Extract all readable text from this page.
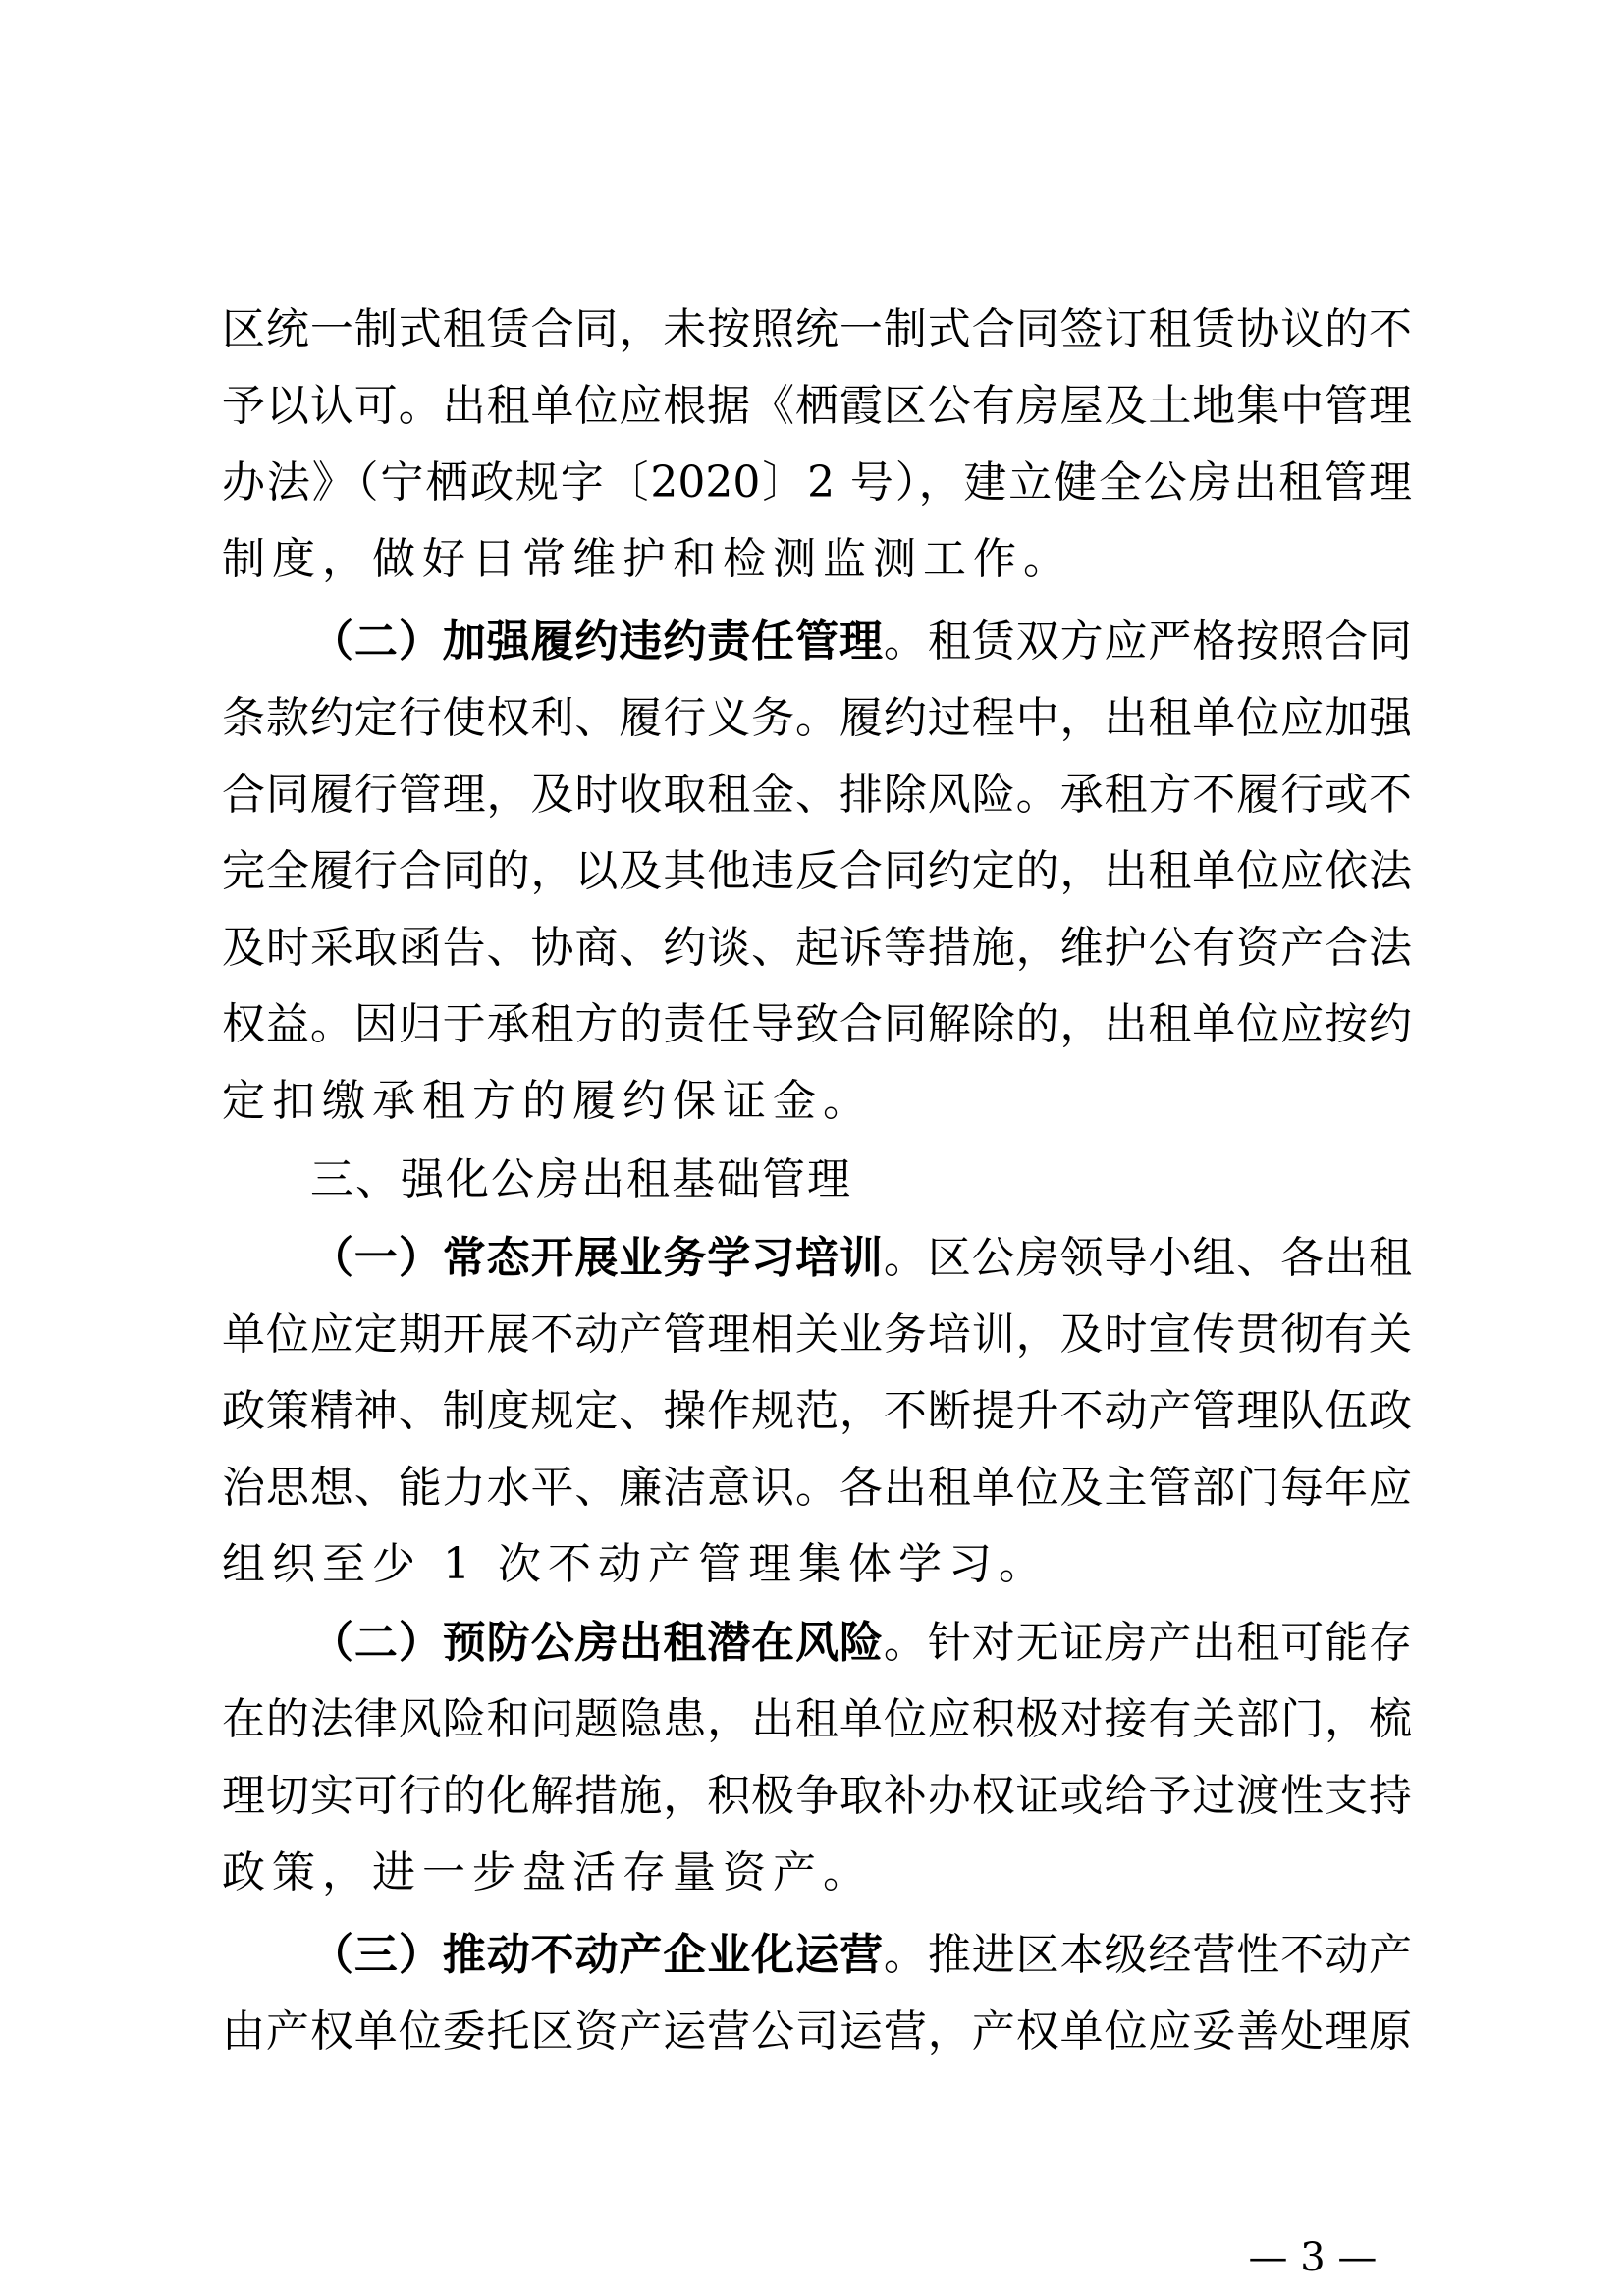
区统一制式租赁合同，未按照统一制式合同签订租赁协议的不
予以认可。出租单位应根据《栖霞区公有房屋及土地集中管理
办法》（宁栖政规字〔2020〕2 号），建立健全公房出租管理
制度，做好日常维护和检测监测工作。
（二）加强履约违约责任管理。租赁双方应严格按照合同
条款约定行使权利、履行义务。履约过程中，出租单位应加强
合同履行管理，及时收取租金、排除风险。承租方不履行或不
完全履行合同的，以及其他违反合同约定的，出租单位应依法
及时采取函告、协商、约谈、起诉等措施，维护公有资产合法
权益。因归于承租方的责任导致合同解除的，出租单位应按约
定扣缴承租方的履约保证金。
三、强化公房出租基础管理
（一）常态开展业务学习培训。区公房领导小组、各出租
单位应定期开展不动产管理相关业务培训，及时宣传贯彻有关
政策精神、制度规定、操作规范，不断提升不动产管理队伍政
治思想、能力水平、廉洁意识。各出租单位及主管部门每年应
组织至少 1 次不动产管理集体学习。
（二）预防公房出租潜在风险。针对无证房产出租可能存
在的法律风险和问题隐患，出租单位应积极对接有关部门，梳
理切实可行的化解措施，积极争取补办权证或给予过渡性支持
政策，进一步盘活存量资产。
（三）推动不动产企业化运营。推进区本级经营性不动产
由产权单位委托区资产运营公司运营，产权单位应妥善处理原
— 3 —
